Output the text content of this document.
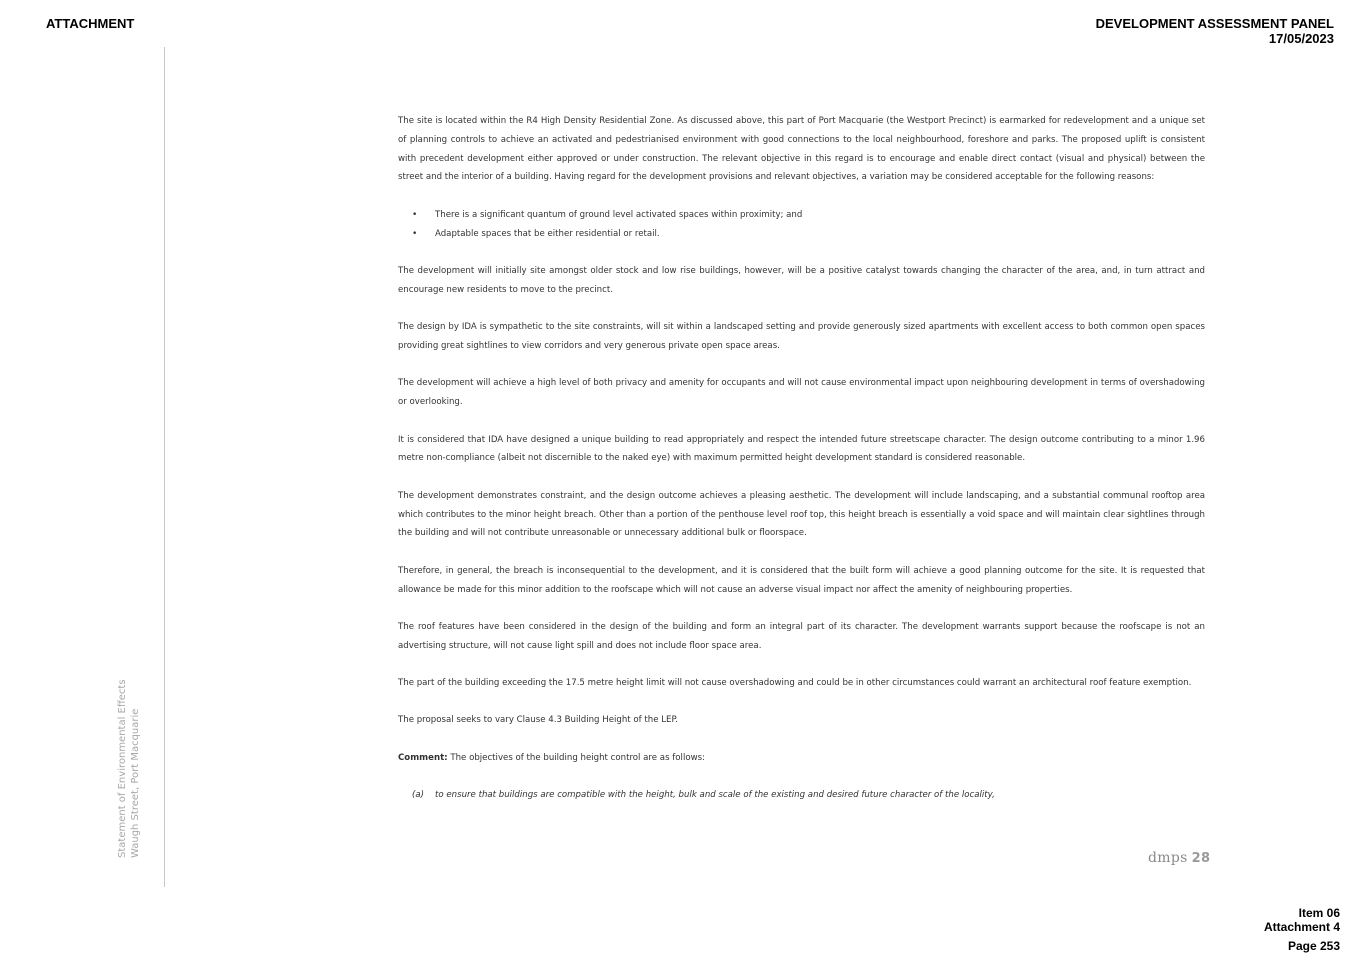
ATTACHMENT	DEVELOPMENT ASSESSMENT PANEL
17/05/2023
Statement of Environmental Effects Waugh Street, Port Macquarie

The site is located within the R4 High Density Residential Zone. As discussed above, this part of Port Macquarie (the Westport Precinct) is earmarked for redevelopment and a unique set of planning controls to achieve an activated and pedestrianised environment with good connections to the local neighbourhood, foreshore and parks. The proposed uplift is consistent with precedent development either approved or under construction. The relevant objective in this regard is to encourage and enable direct contact (visual and physical) between the street and the interior of a building. Having regard for the development provisions and relevant objectives, a variation may be considered acceptable for the following reasons:

• There is a significant quantum of ground level activated spaces within proximity; and
• Adaptable spaces that be either residential or retail.

The development will initially site amongst older stock and low rise buildings, however, will be a positive catalyst towards changing the character of the area, and, in turn attract and encourage new residents to move to the precinct.

The design by IDA is sympathetic to the site constraints, will sit within a landscaped setting and provide generously sized apartments with excellent access to both common open spaces providing great sightlines to view corridors and very generous private open space areas.

The development will achieve a high level of both privacy and amenity for occupants and will not cause environmental impact upon neighbouring development in terms of overshadowing or overlooking.

It is considered that IDA have designed a unique building to read appropriately and respect the intended future streetscape character. The design outcome contributing to a minor 1.96 metre non-compliance (albeit not discernible to the naked eye) with maximum permitted height development standard is considered reasonable.

The development demonstrates constraint, and the design outcome achieves a pleasing aesthetic. The development will include landscaping, and a substantial communal rooftop area which contributes to the minor height breach. Other than a portion of the penthouse level roof top, this height breach is essentially a void space and will maintain clear sightlines through the building and will not contribute unreasonable or unnecessary additional bulk or floorspace.

Therefore, in general, the breach is inconsequential to the development, and it is considered that the built form will achieve a good planning outcome for the site. It is requested that allowance be made for this minor addition to the roofscape which will not cause an adverse visual impact nor affect the amenity of neighbouring properties.

The roof features have been considered in the design of the building and form an integral part of its character. The development warrants support because the roofscape is not an advertising structure, will not cause light spill and does not include floor space area.

The part of the building exceeding the 17.5 metre height limit will not cause overshadowing and could be in other circumstances could warrant an architectural roof feature exemption.

The proposal seeks to vary Clause 4.3 Building Height of the LEP.

Comment: The objectives of the building height control are as follows:

(a)	to ensure that buildings are compatible with the height, bulk and scale of the existing and desired future character of the locality,
dmps 28
Item 06
Attachment 4
Page 253
